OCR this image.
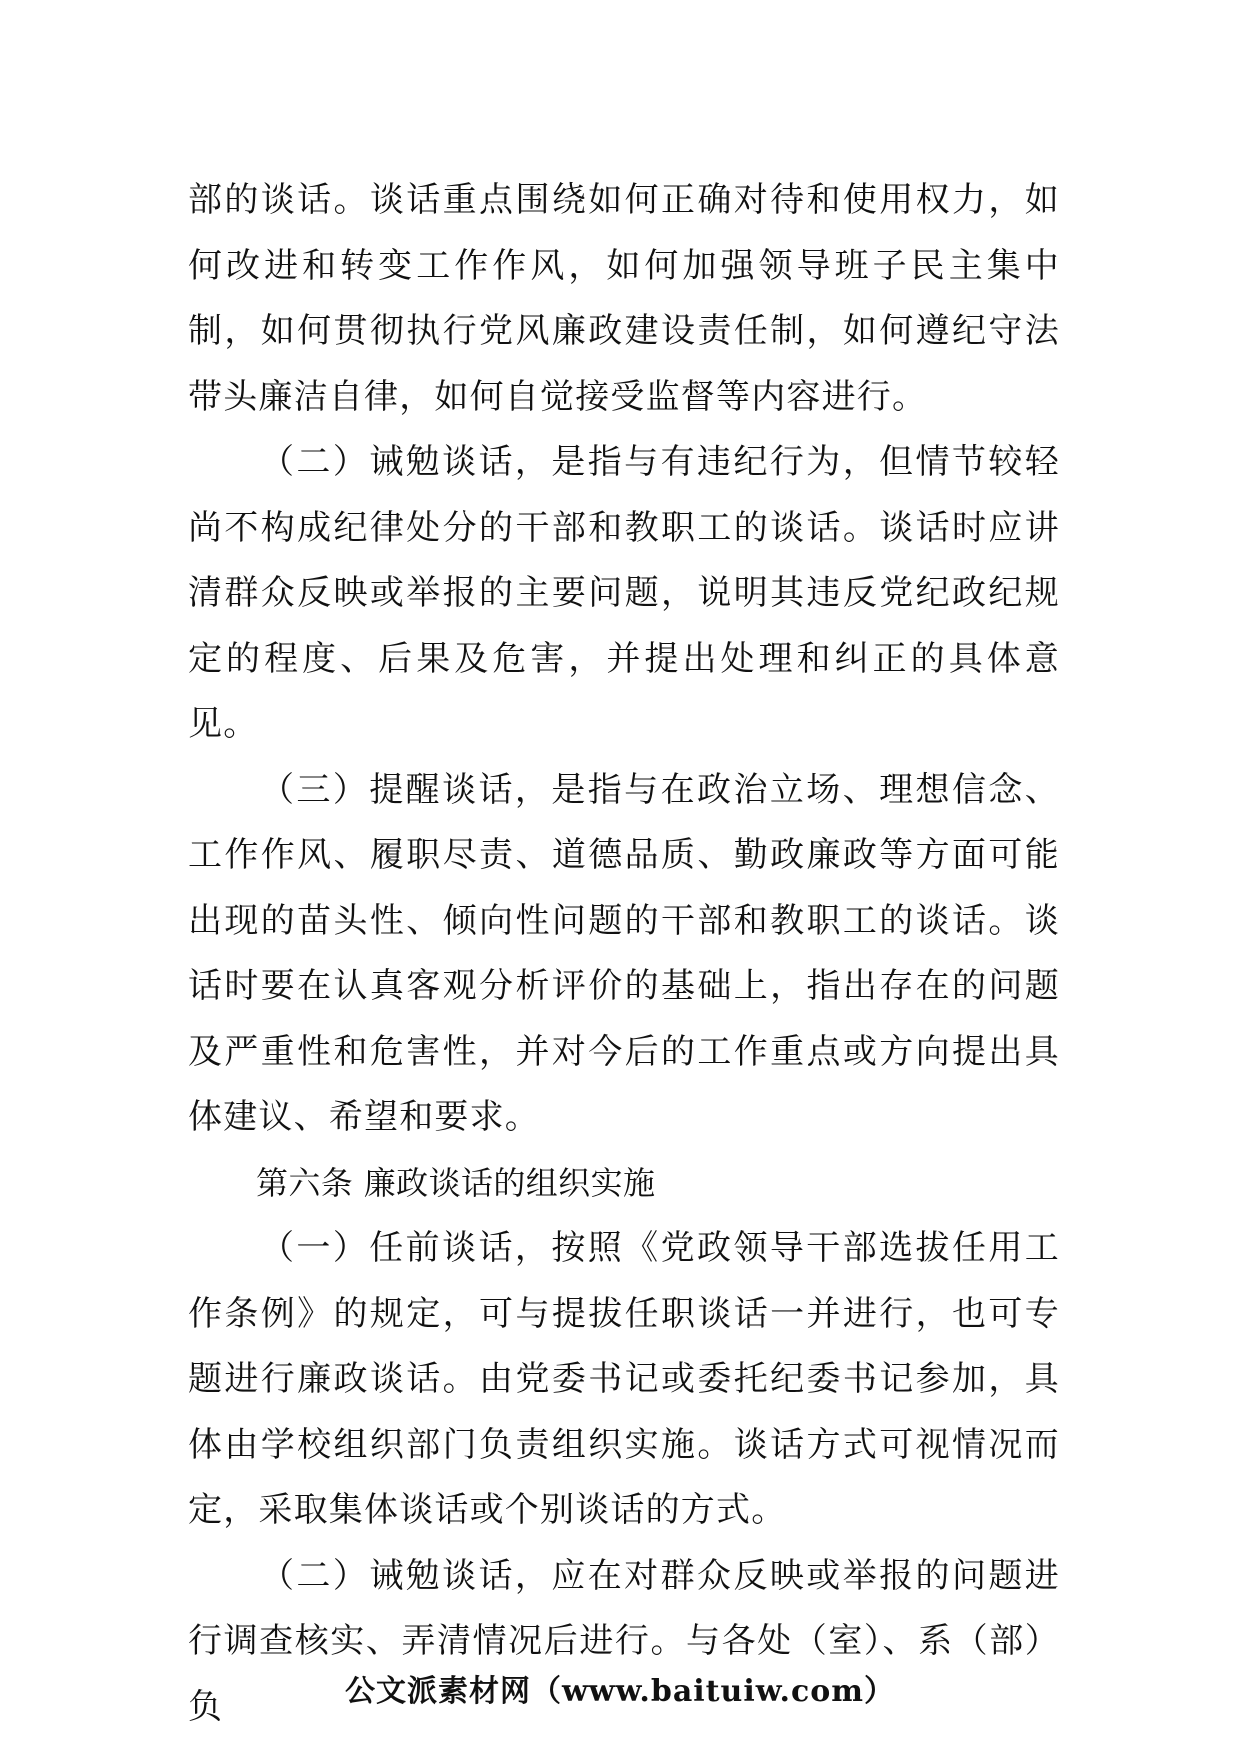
部的谈话。谈话重点围绕如何正确对待和使用权力，如何改进和转变工作作风，如何加强领导班子民主集中制，如何贯彻执行党风廉政建设责任制，如何遵纪守法带头廉洁自律，如何自觉接受监督等内容进行。

（二）诫勉谈话，是指与有违纪行为，但情节较轻尚不构成纪律处分的干部和教职工的谈话。谈话时应讲清群众反映或举报的主要问题，说明其违反党纪政纪规定的程度、后果及危害，并提出处理和纠正的具体意见。

（三）提醒谈话，是指与在政治立场、理想信念、工作作风、履职尽责、道德品质、勤政廉政等方面可能出现的苗头性、倾向性问题的干部和教职工的谈话。谈话时要在认真客观分析评价的基础上，指出存在的问题及严重性和危害性，并对今后的工作重点或方向提出具体建议、希望和要求。

第六条 廉政谈话的组织实施

（一）任前谈话，按照《党政领导干部选拔任用工作条例》的规定，可与提拔任职谈话一并进行，也可专题进行廉政谈话。由党委书记或委托纪委书记参加，具体由学校组织部门负责组织实施。谈话方式可视情况而定，采取集体谈话或个别谈话的方式。

（二）诫勉谈话，应在对群众反映或举报的问题进行调查核实、弄清情况后进行。与各处（室）、系（部）负	公文派素材网（www.baituiw.com）
